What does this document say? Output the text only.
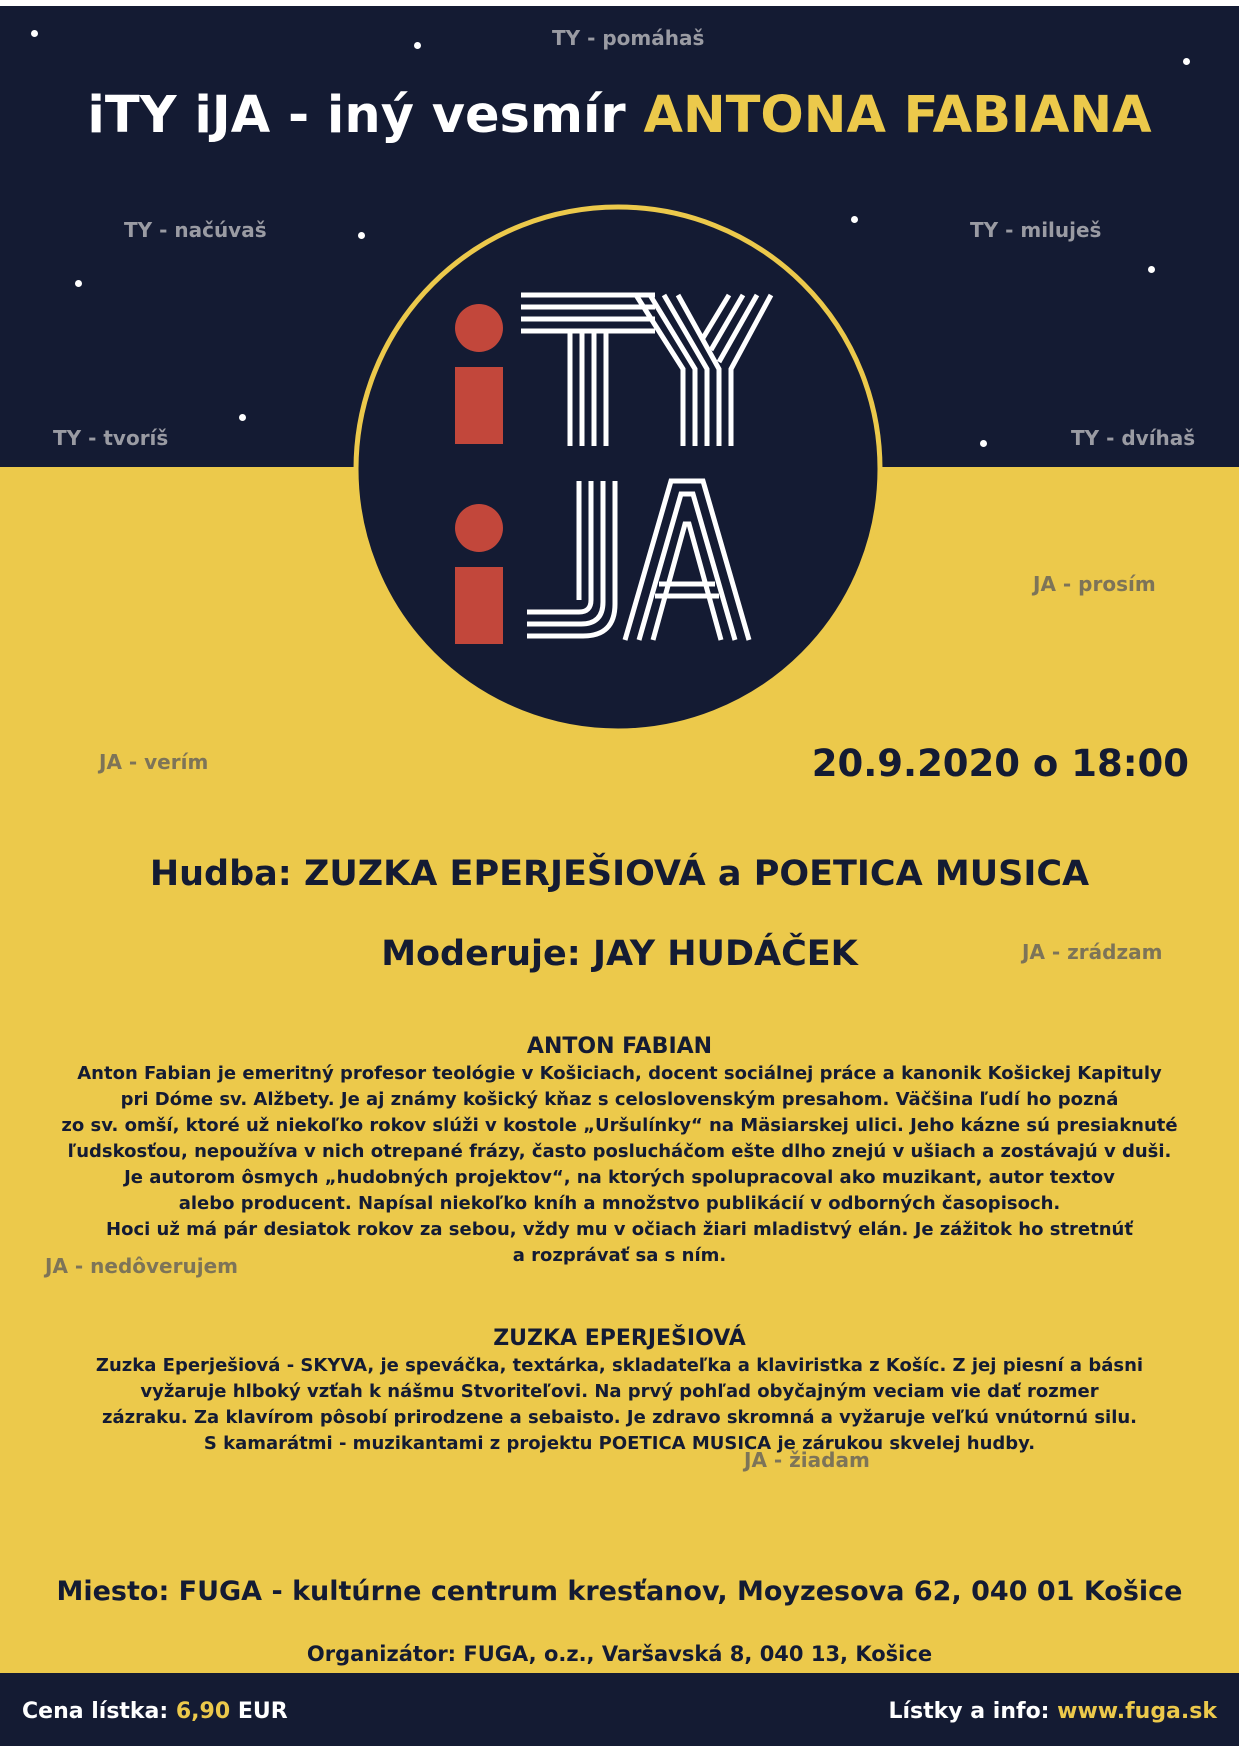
TY - pomáhaš
TY - načúvaš	TY - miluješ
TY - tvoríš	TY - dvíhaš
iTY iJA - iný vesmír ANTONA FABIANA
JA - prosím
JA - verím
JA - zrádzam
JA - nedôverujem
JA - žiadam
20.9.2020 o 18:00
Hudba: ZUZKA EPERJEŠIOVÁ a POETICA MUSICA
Moderuje: JAY HUDÁČEK
ANTON FABIAN

Anton Fabian je emeritný profesor teológie v Košiciach, docent sociálnej práce a kanonik Košickej Kapituly
pri Dóme sv. Alžbety. Je aj známy košický kňaz s celoslovenským presahom. Väčšina ľudí ho pozná
zo sv. omší, ktoré už niekoľko rokov slúži v kostole „Uršulínky“ na Mäsiarskej ulici. Jeho kázne sú presiaknuté
ľudskosťou, nepoužíva v nich otrepané frázy, často poslucháčom ešte dlho znejú v ušiach a zostávajú v duši.
Je autorom ôsmych „hudobných projektov“, na ktorých spolupracoval ako muzikant, autor textov
alebo producent. Napísal niekoľko kníh a množstvo publikácií v odborných časopisoch.
Hoci už má pár desiatok rokov za sebou, vždy mu v očiach žiari mladistvý elán. Je zážitok ho stretnúť
a rozprávať sa s ním.

ZUZKA EPERJEŠIOVÁ

Zuzka Eperješiová - SKYVA, je speváčka, textárka, skladateľka a klaviristka z Košíc. Z jej piesní a básni
vyžaruje hlboký vzťah k nášmu Stvoriteľovi. Na prvý pohľad obyčajným veciam vie dať rozmer
zázraku. Za klavírom pôsobí prirodzene a sebaisto. Je zdravo skromná a vyžaruje veľkú vnútornú silu.
S kamarátmi - muzikantami z projektu POETICA MUSICA je zárukou skvelej hudby.

Miesto: FUGA - kultúrne centrum kresťanov, Moyzesova 62, 040 01 Košice
Organizátor: FUGA, o.z., Varšavská 8, 040 13, Košice
Cena lístka: 6,90 EUR	Lístky a info: www.fuga.sk
